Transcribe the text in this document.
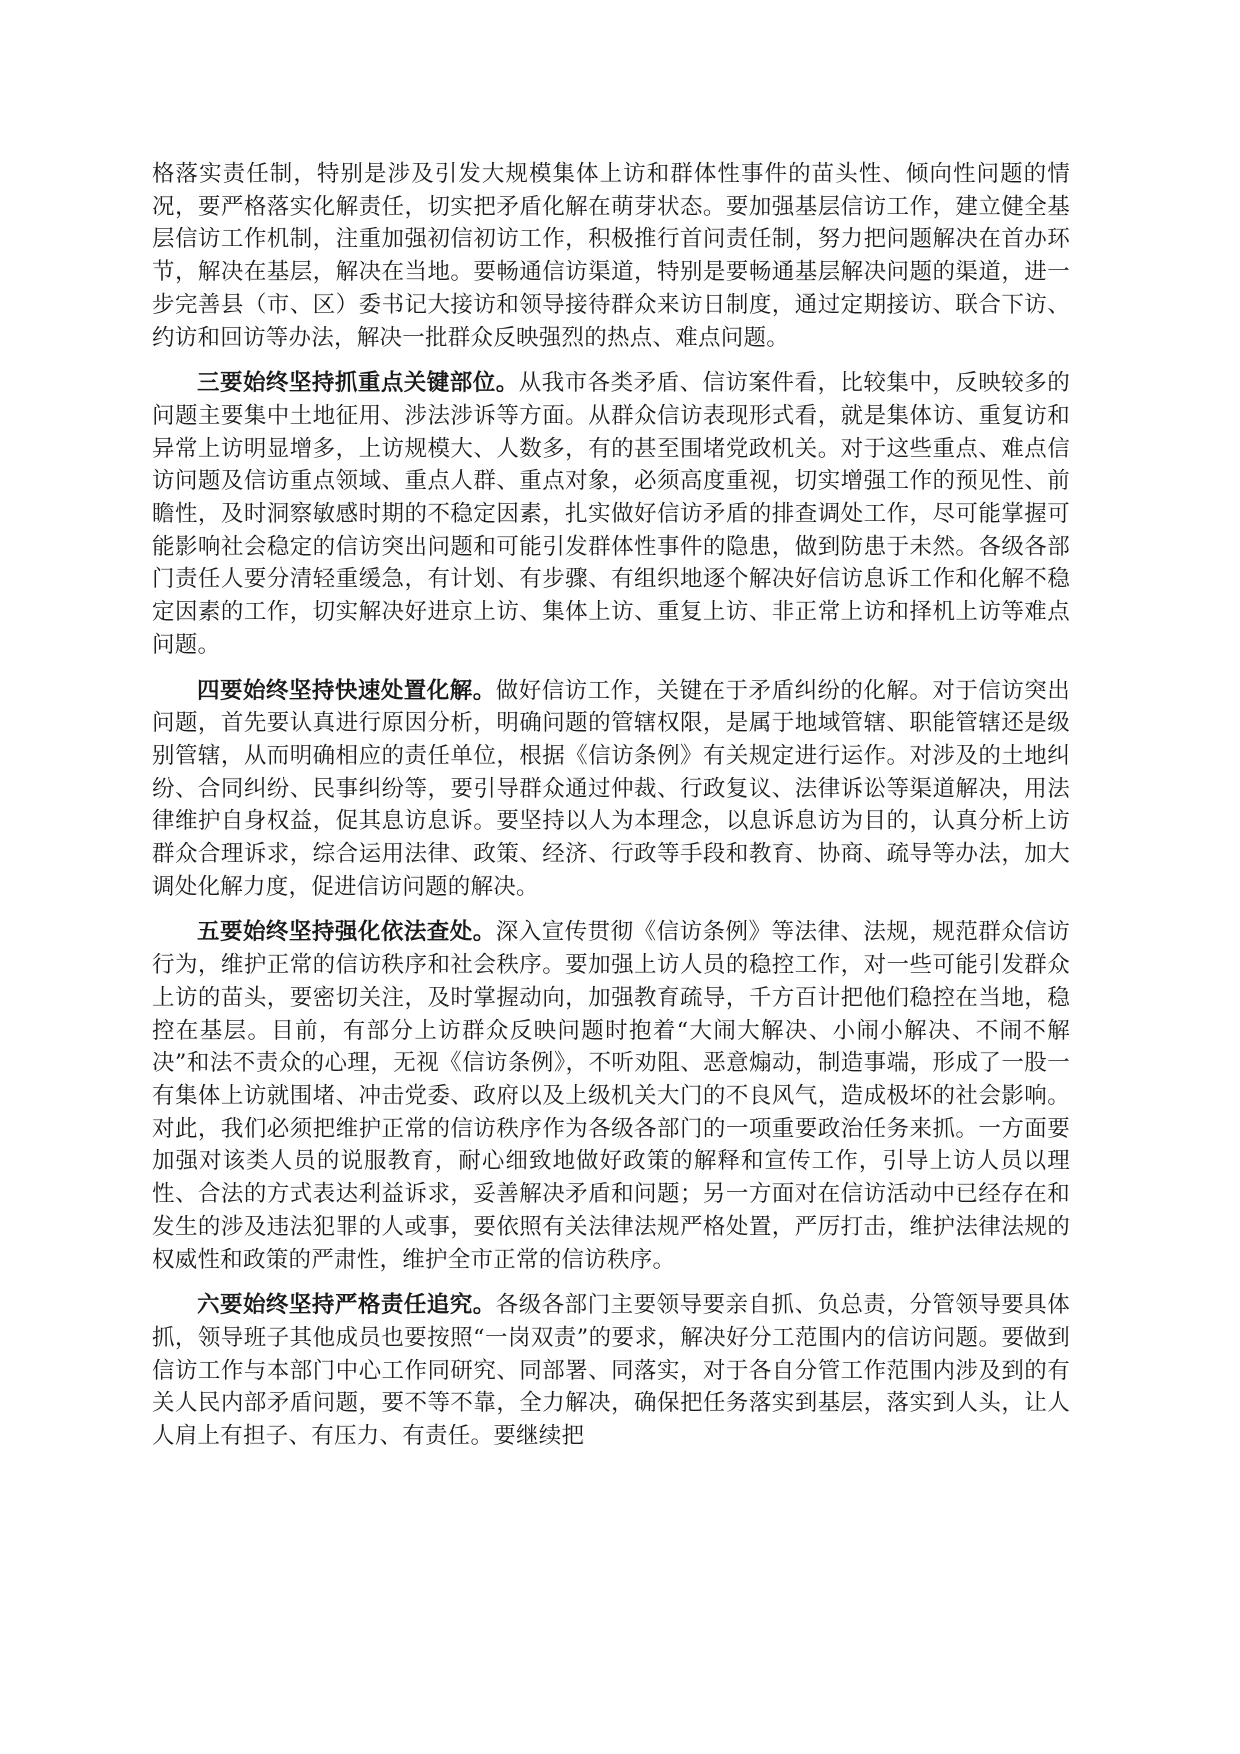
格落实责任制，特别是涉及引发大规模集体上访和群体性事件的苗头性、倾向性问题的情况，要严格落实化解责任，切实把矛盾化解在萌芽状态。要加强基层信访工作，建立健全基层信访工作机制，注重加强初信初访工作，积极推行首问责任制，努力把问题解决在首办环节，解决在基层，解决在当地。要畅通信访渠道，特别是要畅通基层解决问题的渠道，进一步完善县（市、区）委书记大接访和领导接待群众来访日制度，通过定期接访、联合下访、约访和回访等办法，解决一批群众反映强烈的热点、难点问题。

三要始终坚持抓重点关键部位。从我市各类矛盾、信访案件看，比较集中，反映较多的问题主要集中土地征用、涉法涉诉等方面。从群众信访表现形式看，就是集体访、重复访和异常上访明显增多，上访规模大、人数多，有的甚至围堵党政机关。对于这些重点、难点信访问题及信访重点领域、重点人群、重点对象，必须高度重视，切实增强工作的预见性、前瞻性，及时洞察敏感时期的不稳定因素，扎实做好信访矛盾的排查调处工作，尽可能掌握可能影响社会稳定的信访突出问题和可能引发群体性事件的隐患，做到防患于未然。各级各部门责任人要分清轻重缓急，有计划、有步骤、有组织地逐个解决好信访息诉工作和化解不稳定因素的工作，切实解决好进京上访、集体上访、重复上访、非正常上访和择机上访等难点问题。

四要始终坚持快速处置化解。做好信访工作，关键在于矛盾纠纷的化解。对于信访突出问题，首先要认真进行原因分析，明确问题的管辖权限，是属于地域管辖、职能管辖还是级别管辖，从而明确相应的责任单位，根据《信访条例》有关规定进行运作。对涉及的土地纠纷、合同纠纷、民事纠纷等，要引导群众通过仲裁、行政复议、法律诉讼等渠道解决，用法律维护自身权益，促其息访息诉。要坚持以人为本理念，以息诉息访为目的，认真分析上访群众合理诉求，综合运用法律、政策、经济、行政等手段和教育、协商、疏导等办法，加大调处化解力度，促进信访问题的解决。

五要始终坚持强化依法查处。深入宣传贯彻《信访条例》等法律、法规，规范群众信访行为，维护正常的信访秩序和社会秩序。要加强上访人员的稳控工作，对一些可能引发群众上访的苗头，要密切关注，及时掌握动向，加强教育疏导，千方百计把他们稳控在当地，稳控在基层。目前，有部分上访群众反映问题时抱着“大闹大解决、小闹小解决、不闹不解决”和法不责众的心理，无视《信访条例》，不听劝阻、恶意煽动，制造事端，形成了一股一有集体上访就围堵、冲击党委、政府以及上级机关大门的不良风气，造成极坏的社会影响。对此，我们必须把维护正常的信访秩序作为各级各部门的一项重要政治任务来抓。一方面要加强对该类人员的说服教育，耐心细致地做好政策的解释和宣传工作，引导上访人员以理性、合法的方式表达利益诉求，妥善解决矛盾和问题；另一方面对在信访活动中已经存在和发生的涉及违法犯罪的人或事，要依照有关法律法规严格处置，严厉打击，维护法律法规的权威性和政策的严肃性，维护全市正常的信访秩序。

六要始终坚持严格责任追究。各级各部门主要领导要亲自抓、负总责，分管领导要具体抓，领导班子其他成员也要按照“一岗双责”的要求，解决好分工范围内的信访问题。要做到信访工作与本部门中心工作同研究、同部署、同落实，对于各自分管工作范围内涉及到的有关人民内部矛盾问题，要不等不靠，全力解决，确保把任务落实到基层，落实到人头，让人人肩上有担子、有压力、有责任。要继续把
